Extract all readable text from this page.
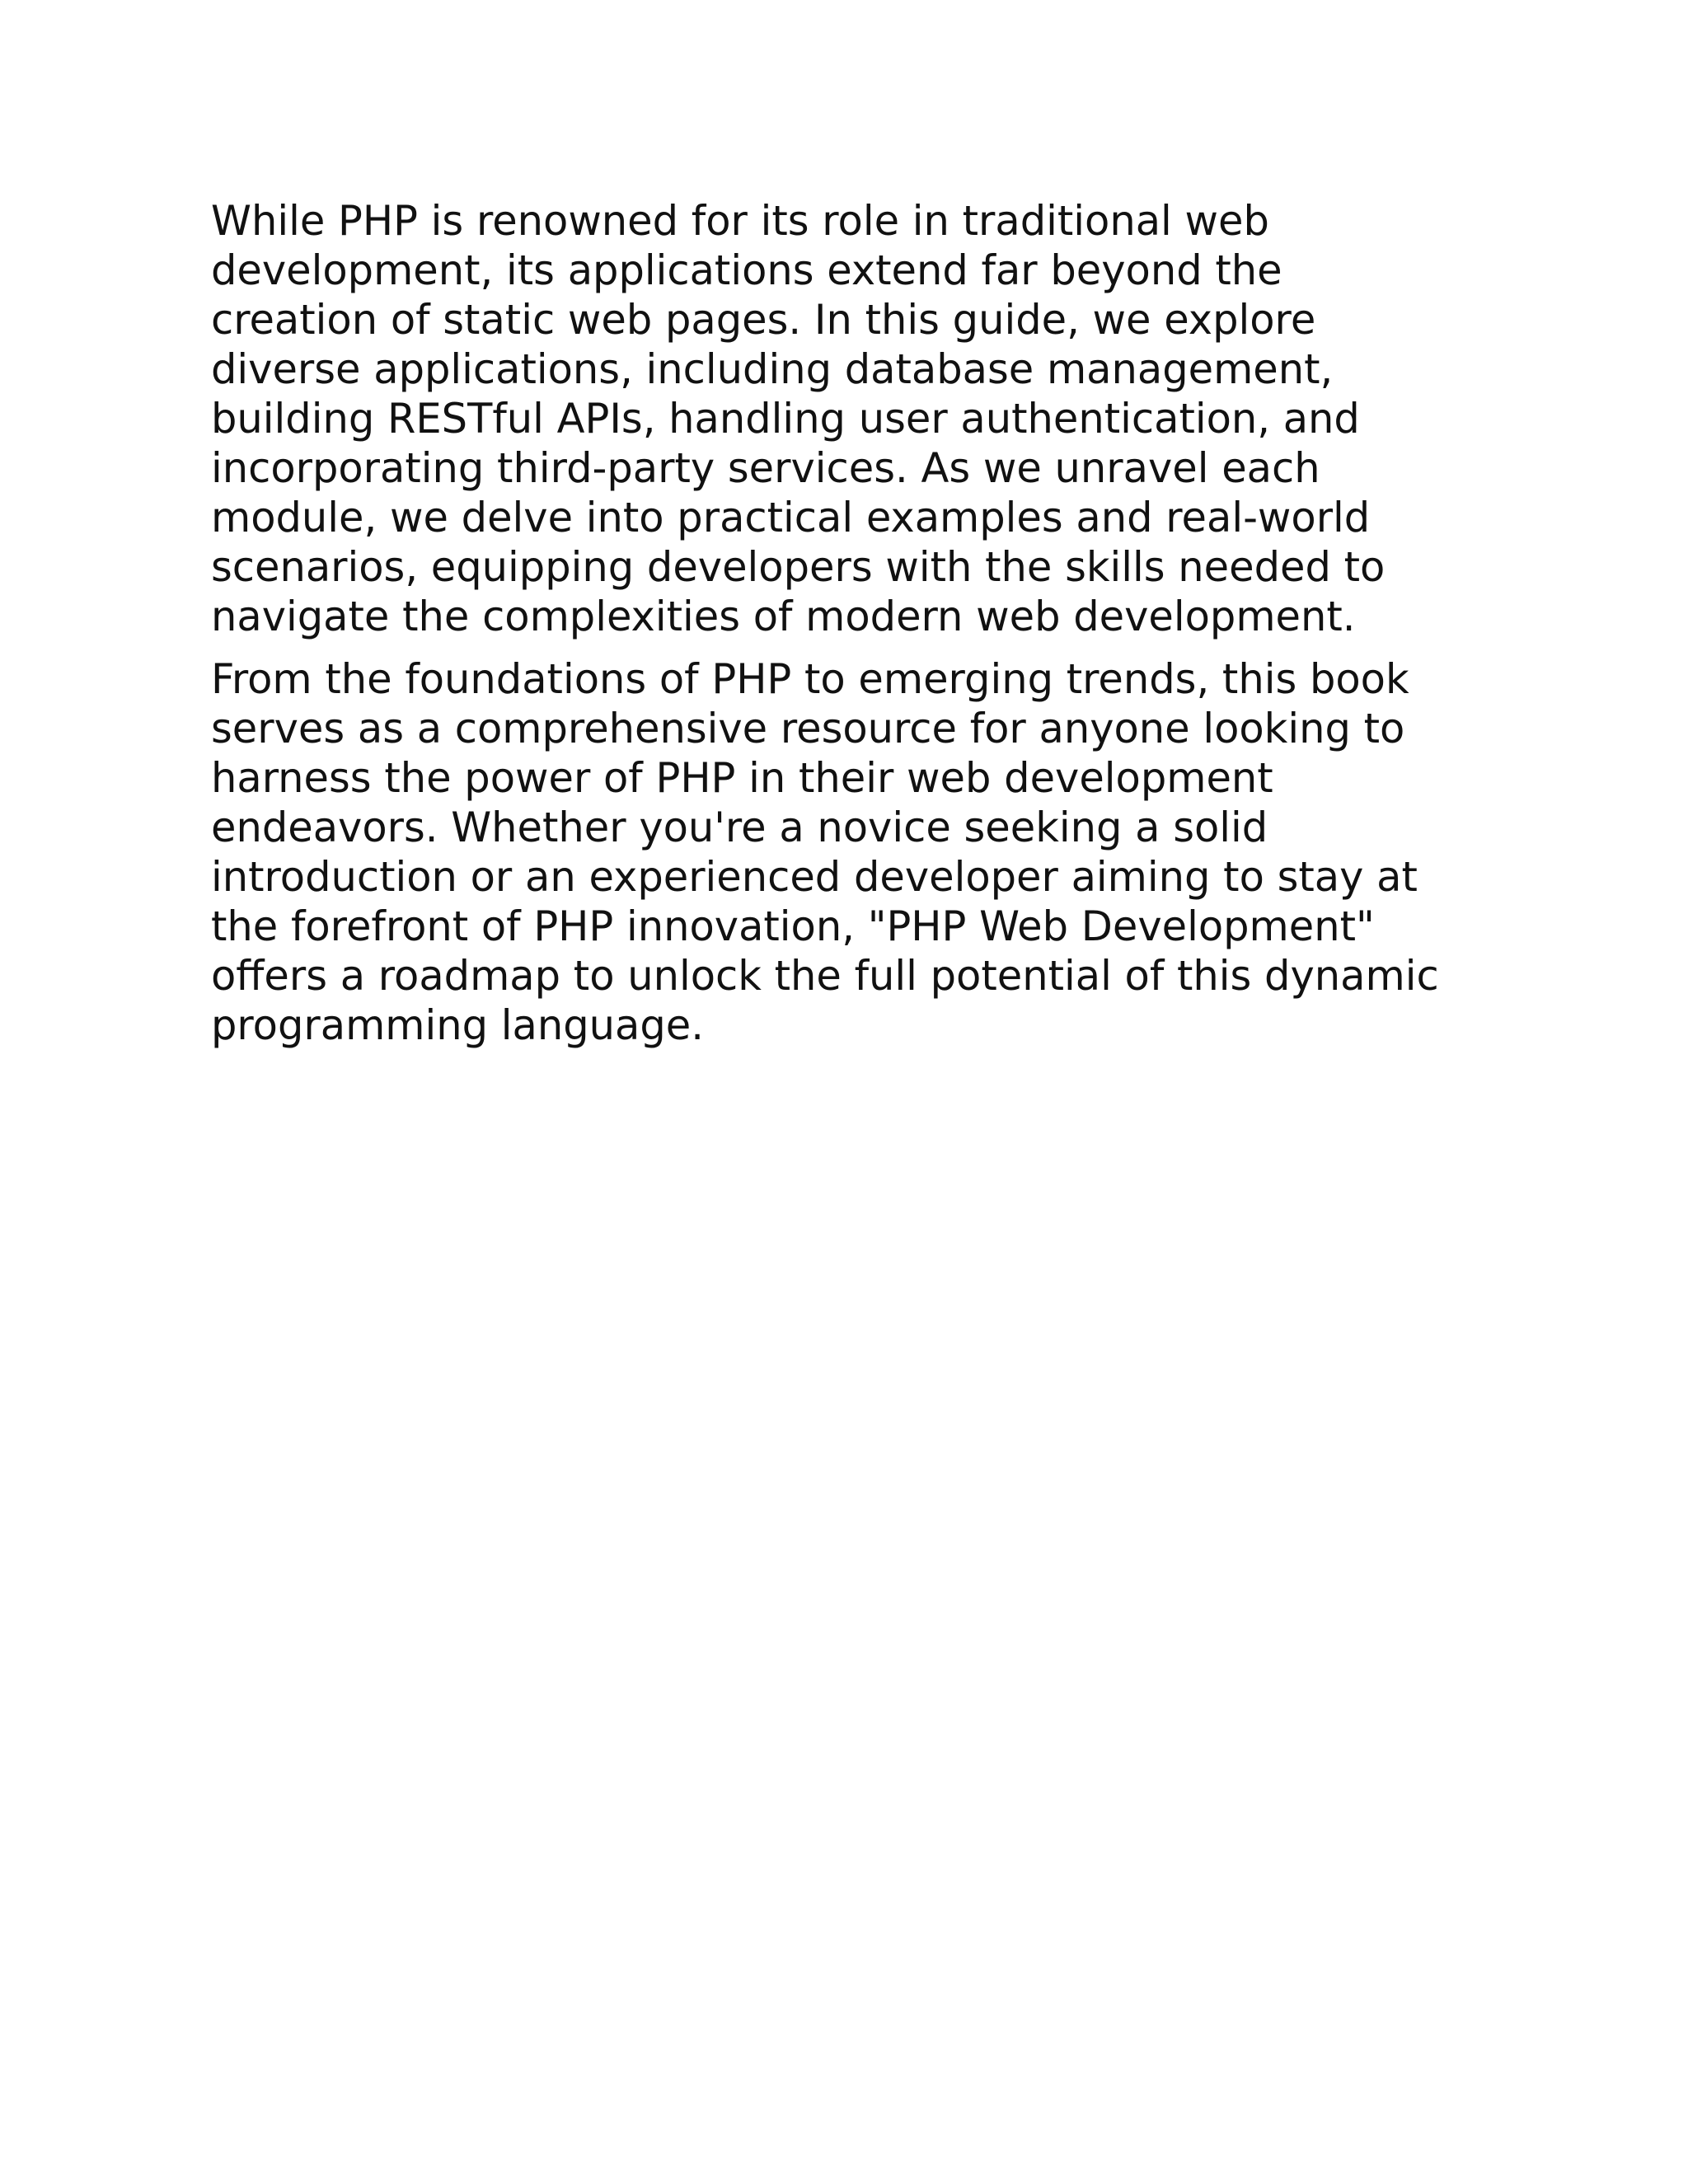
While PHP is renowned for its role in traditional web
development, its applications extend far beyond the
creation of static web pages. In this guide, we explore
diverse applications, including database management,
building RESTful APIs, handling user authentication, and
incorporating third-party services. As we unravel each
module, we delve into practical examples and real-world
scenarios, equipping developers with the skills needed to
navigate the complexities of modern web development.

From the foundations of PHP to emerging trends, this book
serves as a comprehensive resource for anyone looking to
harness the power of PHP in their web development
endeavors. Whether you're a novice seeking a solid
introduction or an experienced developer aiming to stay at
the forefront of PHP innovation, "PHP Web Development"
offers a roadmap to unlock the full potential of this dynamic
programming language.
